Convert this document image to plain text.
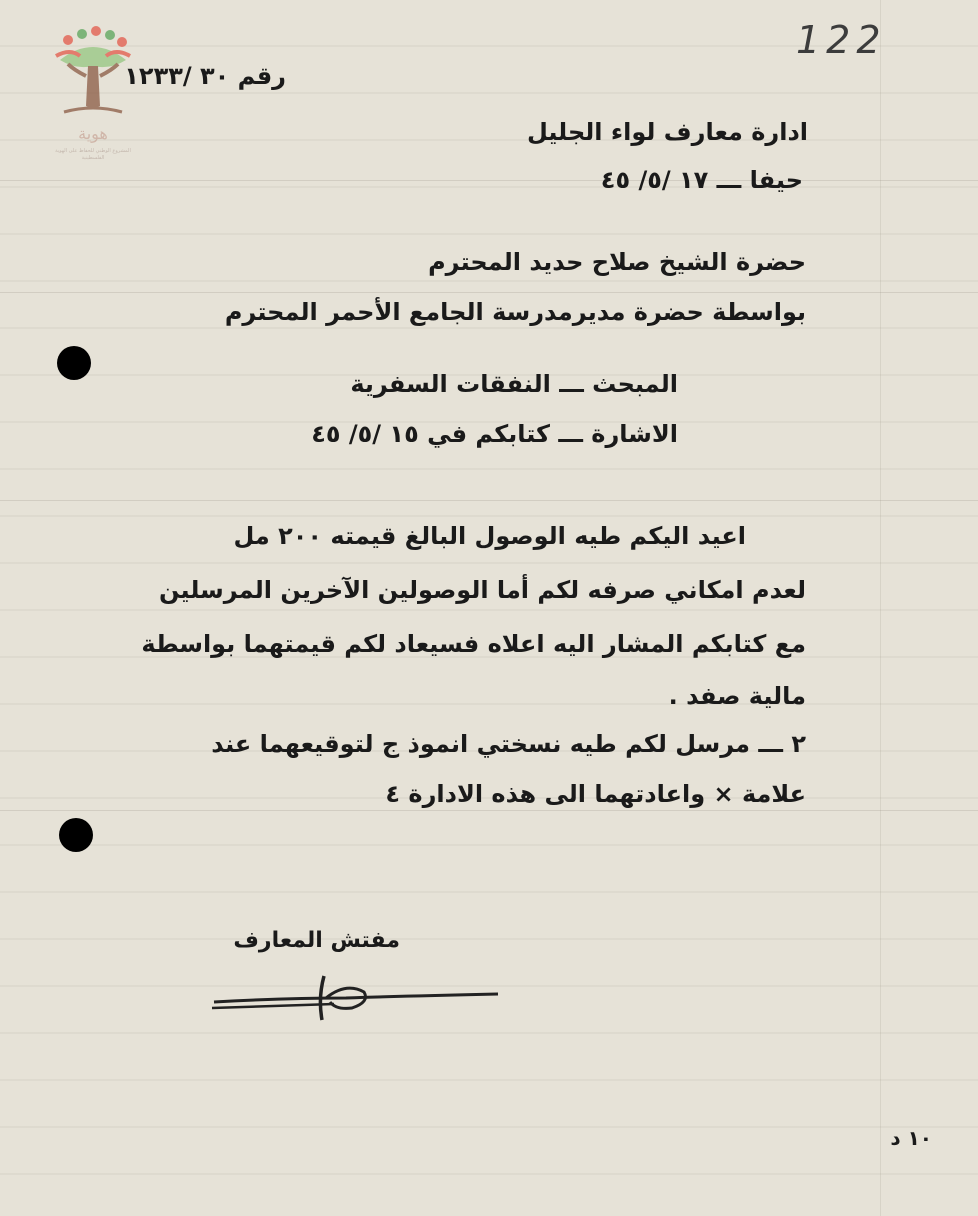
هوية
المشروع الوطني للحفاظ على الهوية الفلسطينية
122
رقم ٣٠ /١٢٣٣
ادارة معارف لواء الجليل
حيفا ـــ ١٧ /٥/ ٤٥
حضرة الشيخ صلاح حديد المحترم
بواسطة حضرة مديرمدرسة الجامع الأحمر المحترم
المبحث ـــ النفقات السفرية
الاشارة ـــ كتابكم في ١٥ /٥/ ٤٥
اعيد اليكم طيه الوصول البالغ قيمته ٢٠٠ مل
لعدم امكاني صرفه لكم أما الوصولين الآخرين المرسلين
مع كتابكم المشار اليه اعلاه فسيعاد لكم قيمتهما بواسطة
مالية صفد .
٢ ـــ مرسل لكم طيه نسختي انموذ ج لتوقيعهما عند
علامة × واعادتهما الى هذه الادارة ٤
مفتش المعارف
١٠ د
